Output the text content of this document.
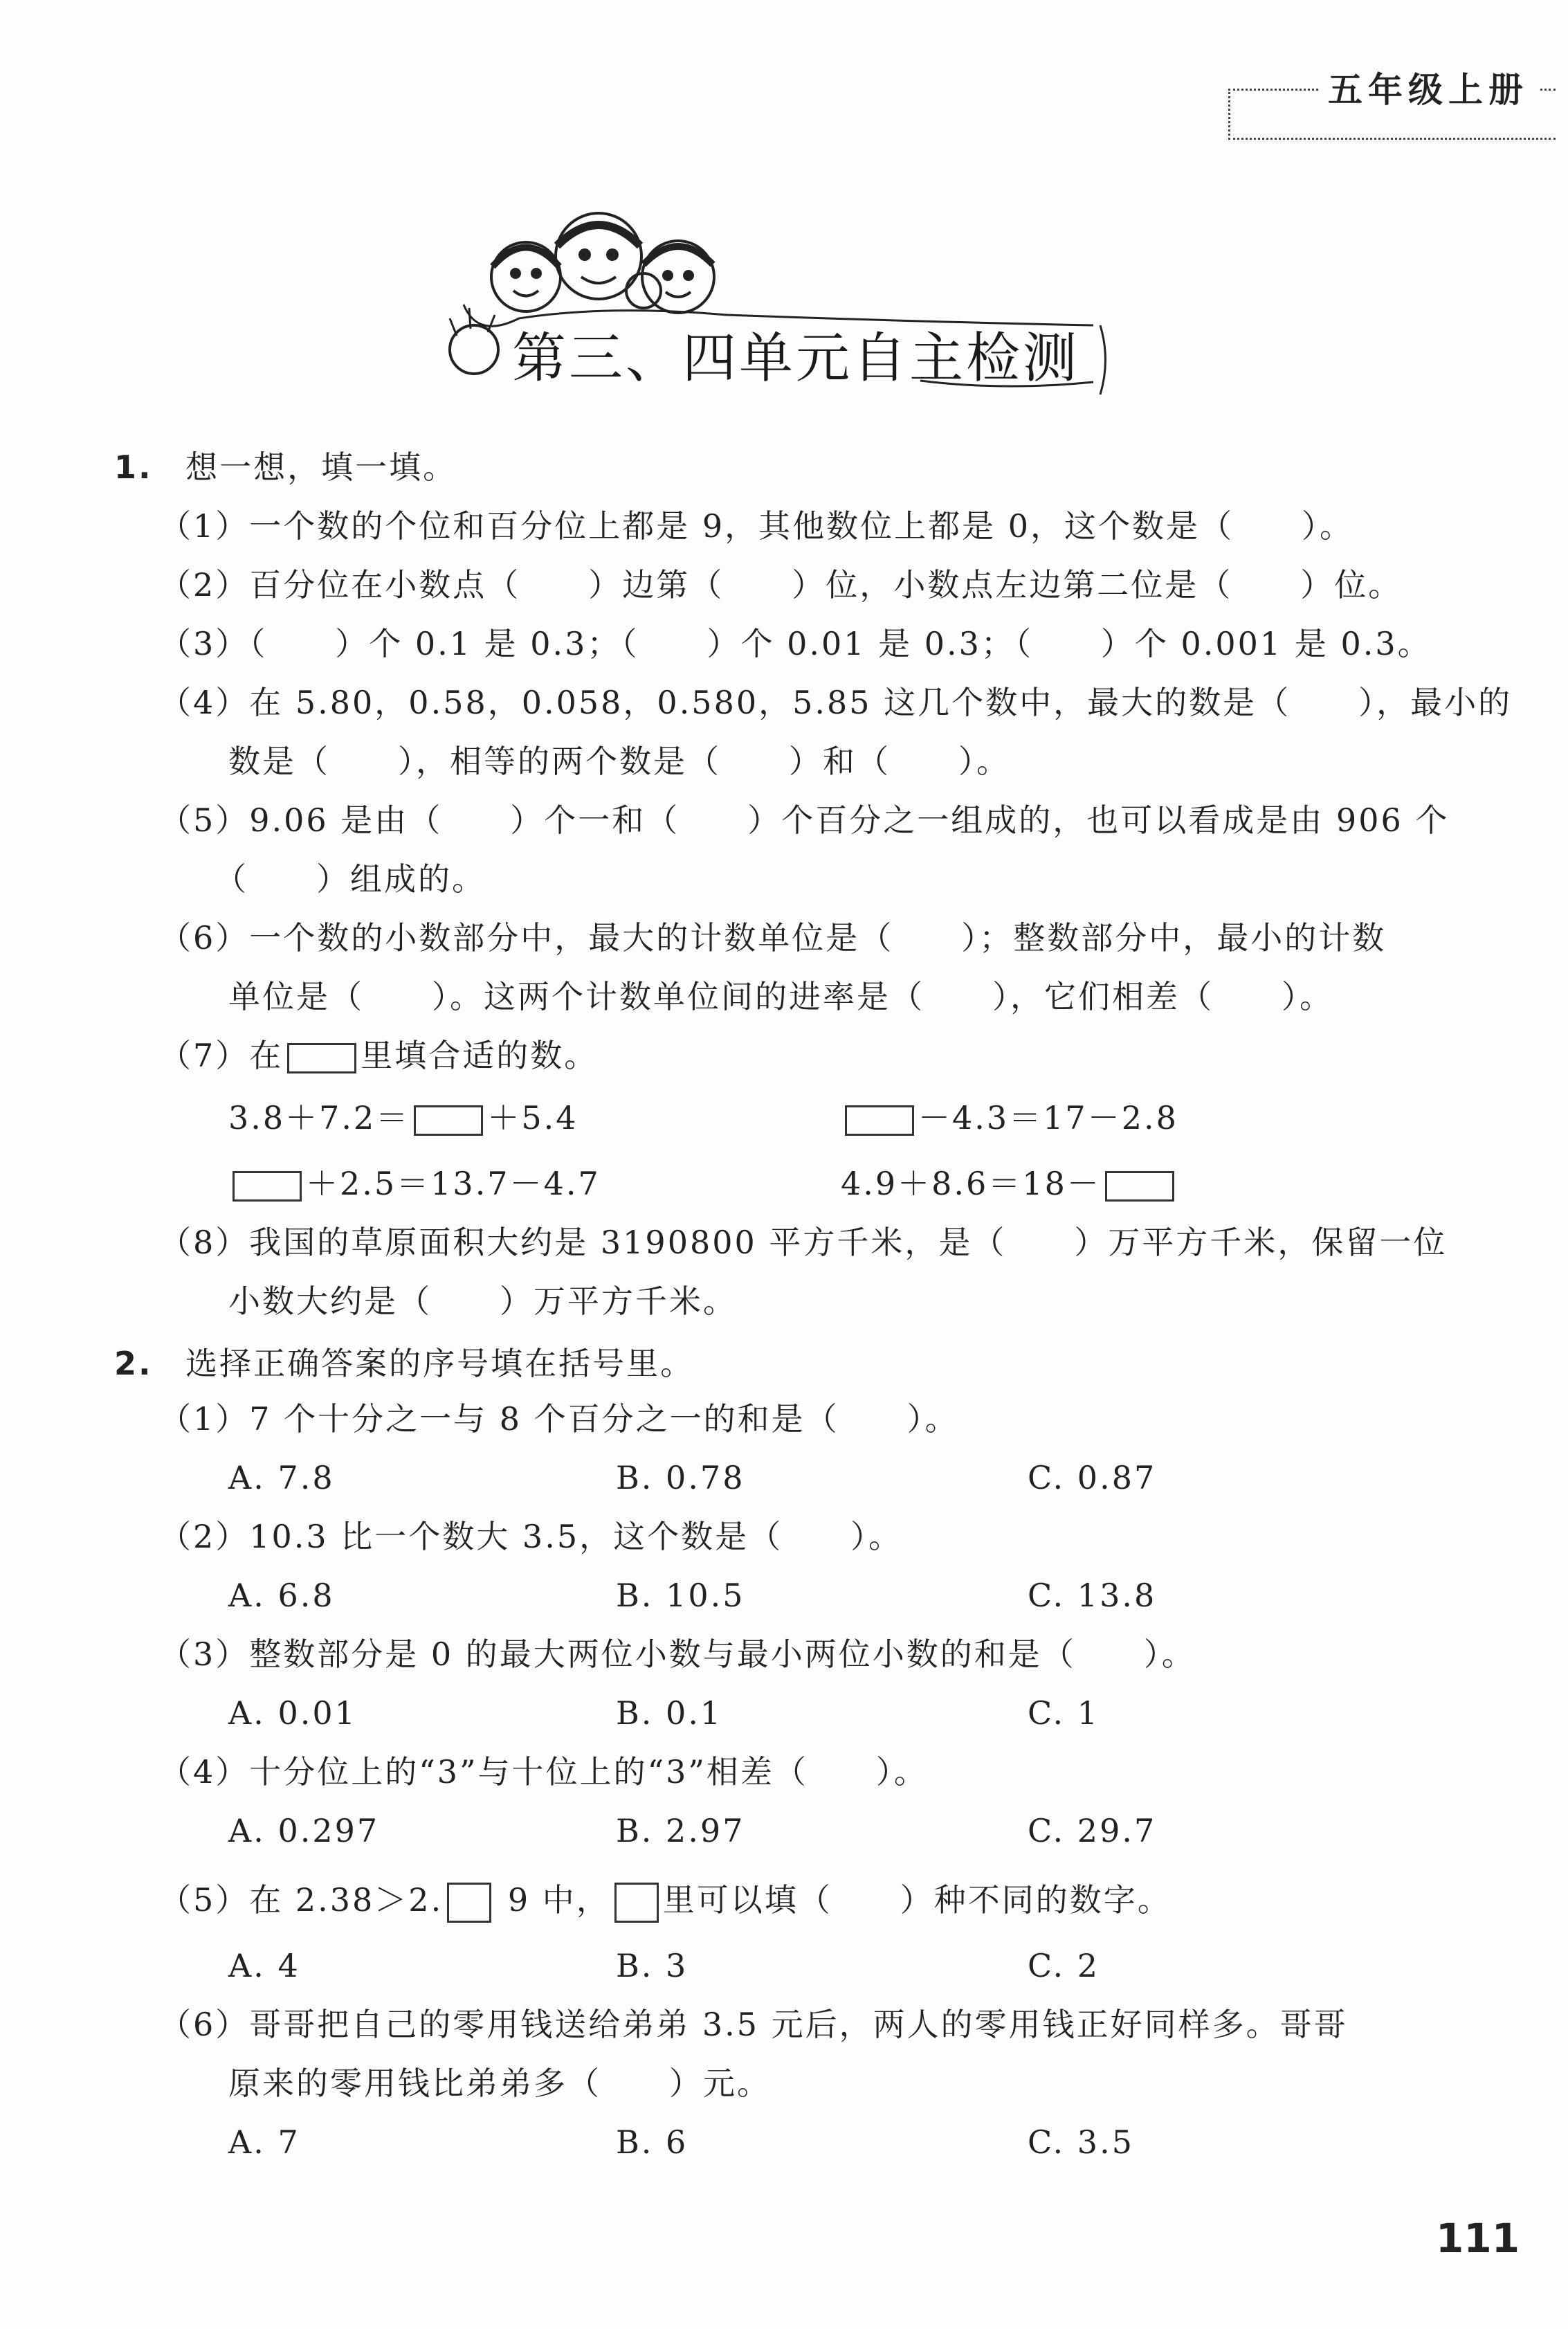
五年级上册
第三、四单元自主检测
1. 想一想，填一填。
（1）一个数的个位和百分位上都是 9，其他数位上都是 0，这个数是（　　）。
（2）百分位在小数点（　　）边第（　　）位，小数点左边第二位是（　　）位。
（3）（　　）个 0.1 是 0.3；（　　）个 0.01 是 0.3；（　　）个 0.001 是 0.3。
（4）在 5.80，0.58，0.058，0.580，5.85 这几个数中，最大的数是（　　），最小的
数是（　　），相等的两个数是（　　）和（　　）。
（5）9.06 是由（　　）个一和（　　）个百分之一组成的，也可以看成是由 906 个
（　　）组成的。
（6）一个数的小数部分中，最大的计数单位是（　　）；整数部分中，最小的计数
单位是（　　）。这两个计数单位间的进率是（　　），它们相差（　　）。
（7）在 里填合适的数。
3.8＋7.2＝ ＋5.4	－4.3＝17－2.8
＋2.5＝13.7－4.7	4.9＋8.6＝18－
（8）我国的草原面积大约是 3190800 平方千米，是（　　）万平方千米，保留一位
小数大约是（　　）万平方千米。
2. 选择正确答案的序号填在括号里。
（1）7 个十分之一与 8 个百分之一的和是（　　）。
A. 7.8	B. 0.78	C. 0.87
（2）10.3 比一个数大 3.5，这个数是（　　）。
A. 6.8	B. 10.5	C. 13.8
（3）整数部分是 0 的最大两位小数与最小两位小数的和是（　　）。
A. 0.01	B. 0.1	C. 1
（4）十分位上的“3”与十位上的“3”相差（　　）。
A. 0.297	B. 2.97	C. 29.7
（5）在 2.38＞2. 9 中， 里可以填（　　）种不同的数字。
A. 4	B. 3	C. 2
（6）哥哥把自己的零用钱送给弟弟 3.5 元后，两人的零用钱正好同样多。哥哥
原来的零用钱比弟弟多（　　）元。
A. 7	B. 6	C. 3.5
111
